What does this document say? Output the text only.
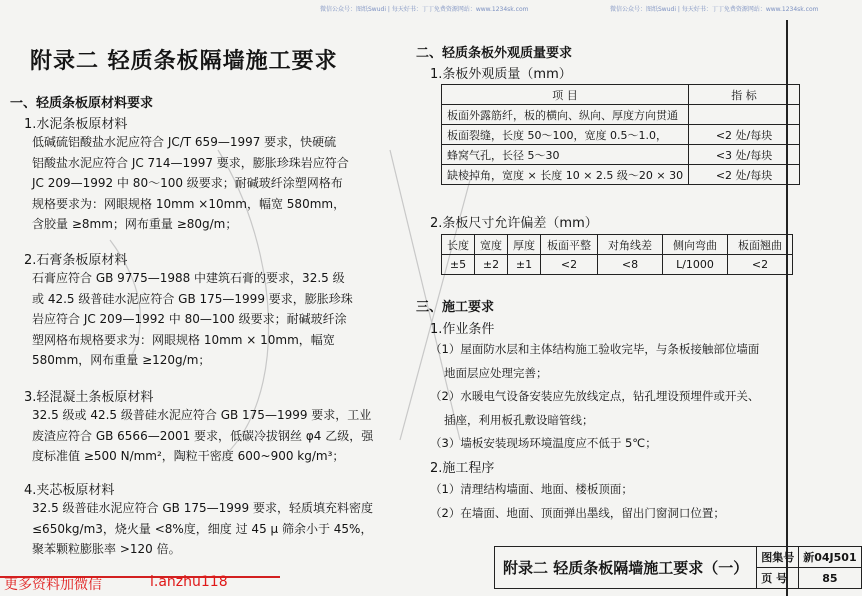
微信公众号：图纸Swudi | 每天好书：丁丁免费资源网站：www.1234sk.com	微信公众号：图纸Swudi | 每天好书：丁丁免费资源网站：www.1234sk.com
附录二 轻质条板隔墙施工要求
一、轻质条板原材料要求
1.水泥条板原材料
低碱硫铝酸盐水泥应符合 JC/T 659—1997 要求，快硬硫
铝酸盐水泥应符合 JC 714—1997 要求，膨胀珍珠岩应符合
JC 209—1992 中 80～100 级要求；耐碱玻纤涂塑网格布
规格要求为：网眼规格 10mm ×10mm，幅宽 580mm，
含胶量 ≥8mm；网布重量 ≥80g/m；
2.石膏条板原材料
石膏应符合 GB 9775—1988 中建筑石膏的要求，32.5 级
或 42.5 级普硅水泥应符合 GB 175—1999 要求，膨胀珍珠
岩应符合 JC 209—1992 中 80—100 级要求；耐碱玻纤涂
塑网格布规格要求为：网眼规格 10mm × 10mm，幅宽
580mm，网布重量 ≥120g/m；
3.轻混凝土条板原材料
32.5 级或 42.5 级普硅水泥应符合 GB 175—1999 要求，工业
废渣应符合 GB 6566—2001 要求，低碳冷拔钢丝 φ4 乙级，强
度标准值 ≥500 N/mm²，陶粒干密度 600~900 kg/m³；
4.夹芯板原材料
32.5 级普硅水泥应符合 GB 175—1999 要求，轻质填充料密度
≤650kg/m3，烧火量 <8%度，细度 过 45 μ 筛余小于 45%，
聚苯颗粒膨胀率 >120 倍。
二、轻质条板外观质量要求
1.条板外观质量（mm）
项 目	指 标
板面外露筋纤，板的横向、纵向、厚度方向贯通	
板面裂缝，长度 50～100，宽度 0.5～1.0，	<2 处/每块
蜂窝气孔，长径 5～30	<3 处/每块
缺棱掉角，宽度 × 长度 10 × 2.5 级～20 × 30	<2 处/每块
2.条板尺寸允许偏差（mm）
长度	宽度	厚度	板面平整	对角线差	侧向弯曲	板面翘曲
±5	±2	±1	<2	<8	L/1000	<2
三、施工要求
1.作业条件
（1）屋面防水层和主体结构施工验收完毕，与条板接触部位墙面
地面层应处理完善；
（2）水暖电气设备安装应先放线定点，钻孔埋设预埋件或开关、
插座，利用板孔敷设暗管线；
（3）墙板安装现场环境温度应不低于 5℃；
2.施工程序
（1）清理结构墙面、地面、楼板顶面；
（2）在墙面、地面、顶面弹出墨线，留出门窗洞口位置；
附录二 轻质条板隔墙施工要求（一）	图集号	新04J501
	页 号	85
更多资料加微信	i.anzhu118
